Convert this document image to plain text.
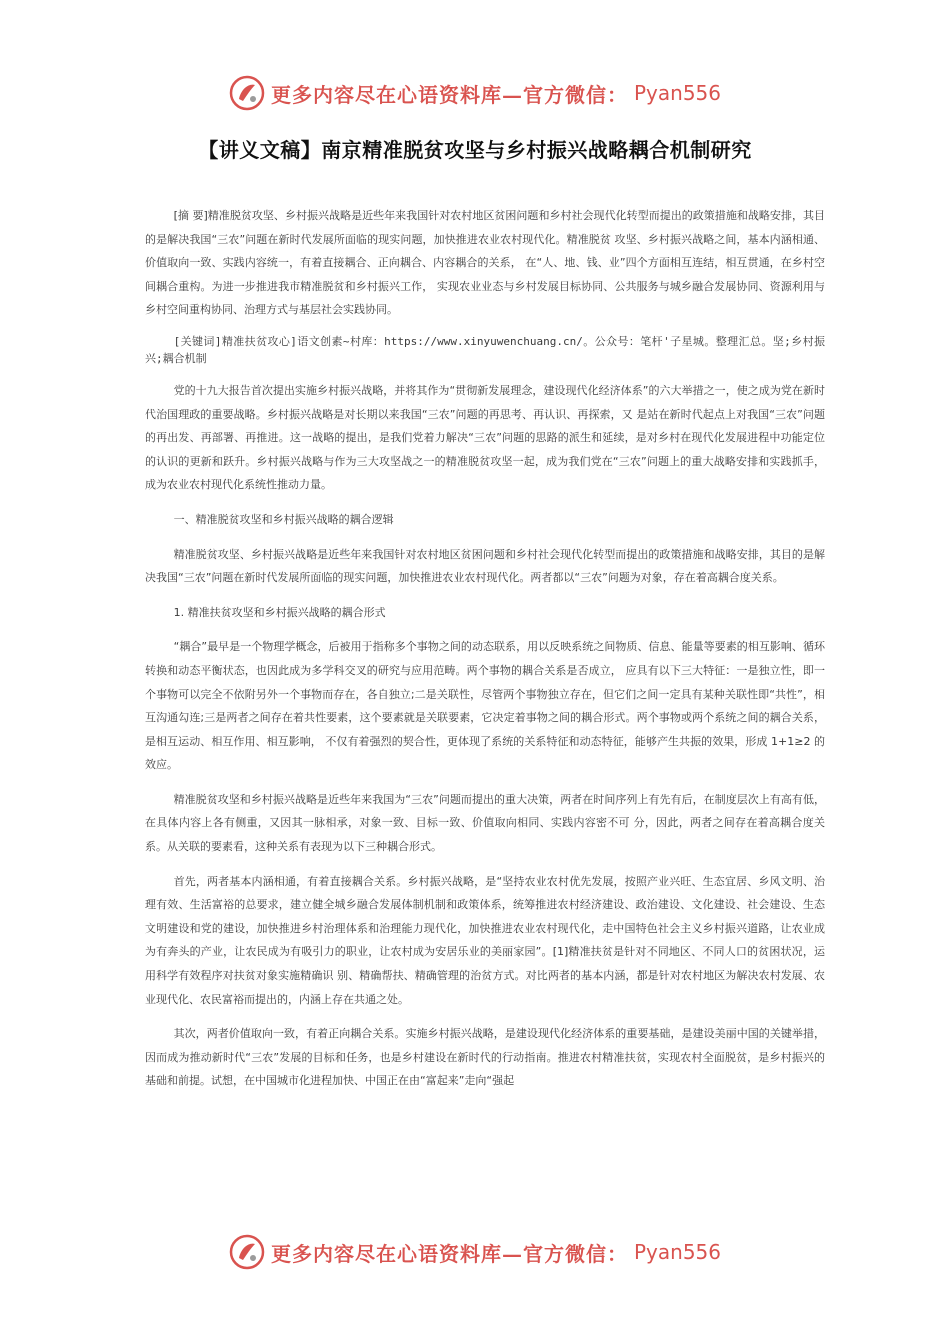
更多内容尽在心语资料库—官方微信： Pyan556
【讲义文稿】南京精准脱贫攻坚与乡村振兴战略耦合机制研究

[摘 要]精准脱贫攻坚、乡村振兴战略是近些年来我国针对农村地区贫困问题和乡村社会现代化转型而提出的政策措施和战略安排，其目的是解决我国“三农”问题在新时代发展所面临的现实问题，加快推进农业农村现代化。精准脱贫 攻坚、乡村振兴战略之间，基本内涵相通、价值取向一致、实践内容统一，有着直接耦合、正向耦合、内容耦合的关系， 在“人、地、钱、业”四个方面相互连结，相互贯通，在乡村空间耦合重构。为进一步推进我市精准脱贫和乡村振兴工作， 实现农业业态与乡村发展目标协同、公共服务与城乡融合发展协同、资源利用与乡村空间重构协同、治理方式与基层社会实践协同。

[关键词]精准扶贫攻心]语文创素~村库：https://www.xinyuwenchuang.cn/。公众号：笔杆'子星城。整理汇总。坚;乡村振兴;耦合机制

党的十九大报告首次提出实施乡村振兴战略，并将其作为“贯彻新发展理念，建设现代化经济体系”的六大举措之一，使之成为党在新时代治国理政的重要战略。乡村振兴战略是对长期以来我国“三农”问题的再思考、再认识、再探索，又 是站在新时代起点上对我国“三农”问题的再出发、再部署、再推进。这一战略的提出，是我们党着力解决“三农”问题的思路的派生和延续，是对乡村在现代化发展进程中功能定位的认识的更新和跃升。乡村振兴战略与作为三大攻坚战之一的精准脱贫攻坚一起，成为我们党在“三农”问题上的重大战略安排和实践抓手，成为农业农村现代化系统性推动力量。

一、精准脱贫攻坚和乡村振兴战略的耦合逻辑

精准脱贫攻坚、乡村振兴战略是近些年来我国针对农村地区贫困问题和乡村社会现代化转型而提出的政策措施和战略安排，其目的是解决我国“三农”问题在新时代发展所面临的现实问题，加快推进农业农村现代化。两者都以“三农”问题为对象，存在着高耦合度关系。

1. 精准扶贫攻坚和乡村振兴战略的耦合形式

“耦合”最早是一个物理学概念，后被用于指称多个事物之间的动态联系，用以反映系统之间物质、信息、能量等要素的相互影响、循环转换和动态平衡状态，也因此成为多学科交叉的研究与应用范畴。两个事物的耦合关系是否成立， 应具有以下三大特征：一是独立性，即一个事物可以完全不依附另外一个事物而存在，各自独立;二是关联性，尽管两个事物独立存在，但它们之间一定具有某种关联性即“共性”，相互沟通勾连;三是两者之间存在着共性要素，这个要素就是关联要素，它决定着事物之间的耦合形式。两个事物或两个系统之间的耦合关系，是相互运动、相互作用、相互影响， 不仅有着强烈的契合性，更体现了系统的关系特征和动态特征，能够产生共振的效果，形成 1+1≥2 的效应。

精准脱贫攻坚和乡村振兴战略是近些年来我国为“三农”问题而提出的重大决策，两者在时间序列上有先有后，在制度层次上有高有低，在具体内容上各有侧重，又因其一脉相承，对象一致、目标一致、价值取向相同、实践内容密不可 分，因此，两者之间存在着高耦合度关系。从关联的要素看，这种关系有表现为以下三种耦合形式。

首先，两者基本内涵相通，有着直接耦合关系。乡村振兴战略，是“坚持农业农村优先发展，按照产业兴旺、生态宜居、乡风文明、治理有效、生活富裕的总要求，建立健全城乡融合发展体制机制和政策体系，统筹推进农村经济建设、政治建设、文化建设、社会建设、生态文明建设和党的建设，加快推进乡村治理体系和治理能力现代化，加快推进农业农村现代化，走中国特色社会主义乡村振兴道路，让农业成为有奔头的产业，让农民成为有吸引力的职业，让农村成为安居乐业的美丽家园”。[1]精准扶贫是针对不同地区、不同人口的贫困状况，运用科学有效程序对扶贫对象实施精确识 别、精确帮扶、精确管理的治贫方式。对比两者的基本内涵，都是针对农村地区为解决农村发展、农业现代化、农民富裕而提出的，内涵上存在共通之处。

其次，两者价值取向一致，有着正向耦合关系。实施乡村振兴战略，是建设现代化经济体系的重要基础，是建设美丽中国的关键举措，因而成为推动新时代“三农”发展的目标和任务，也是乡村建设在新时代的行动指南。推进农村精准扶贫，实现农村全面脱贫，是乡村振兴的基础和前提。试想，在中国城市化进程加快、中国正在由“富起来”走向“强起

更多内容尽在心语资料库—官方微信： Pyan556
